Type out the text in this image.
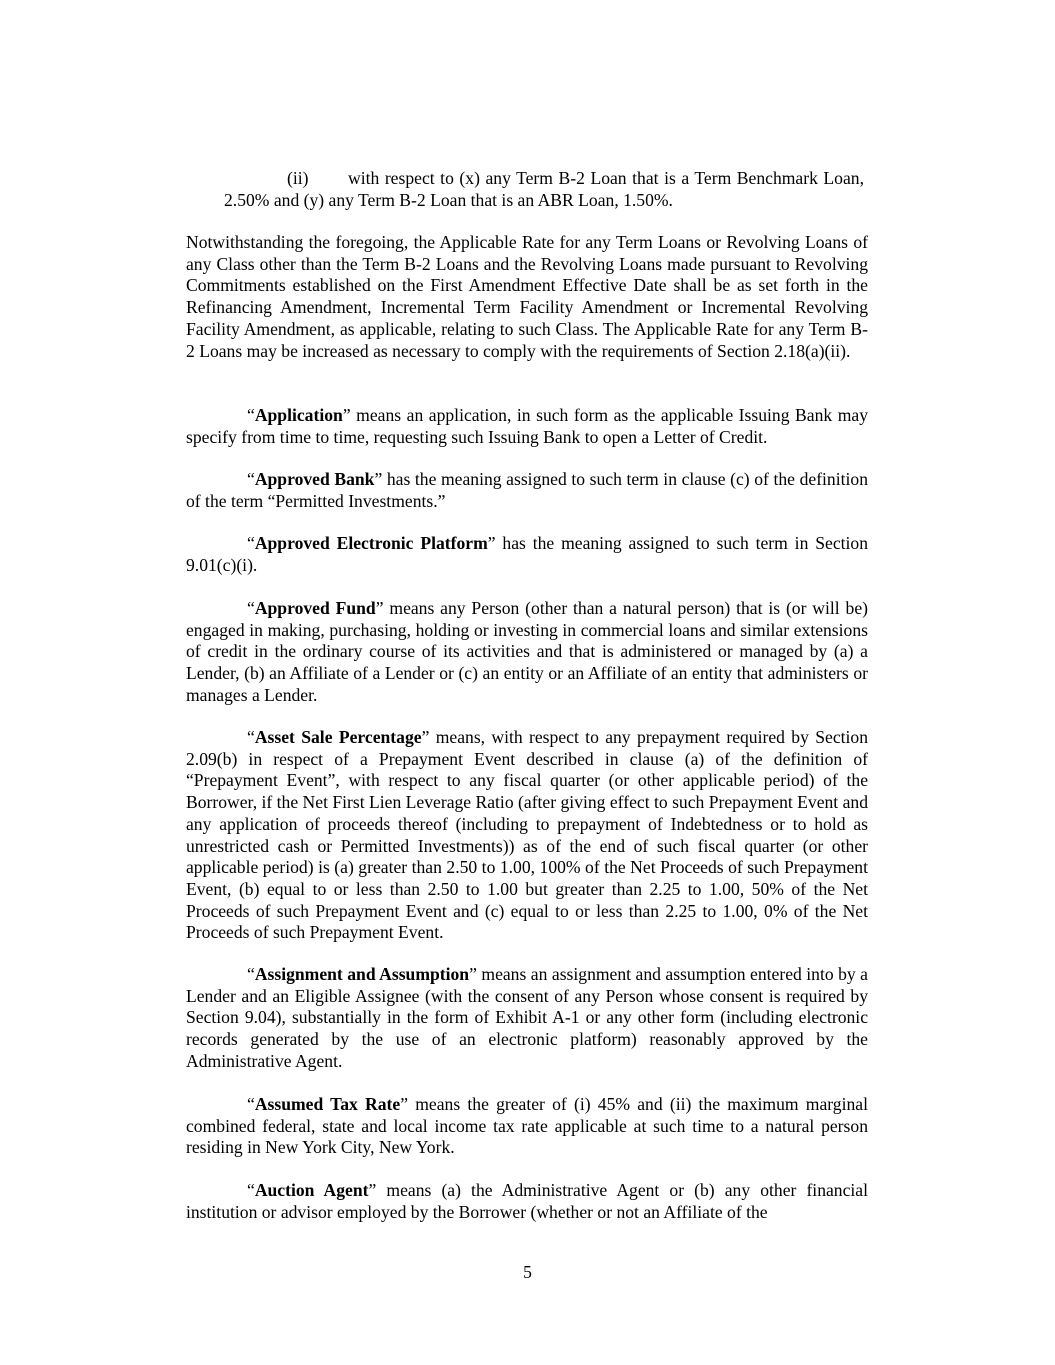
(ii)	with respect to (x) any Term B-2 Loan that is a Term Benchmark Loan, 2.50% and (y) any Term B-2 Loan that is an ABR Loan, 1.50%.

Notwithstanding the foregoing, the Applicable Rate for any Term Loans or Revolving Loans of any Class other than the Term B-2 Loans and the Revolving Loans made pursuant to Revolving Commitments established on the First Amendment Effective Date shall be as set forth in the Refinancing Amendment, Incremental Term Facility Amendment or Incremental Revolving Facility Amendment, as applicable, relating to such Class. The Applicable Rate for any Term B-2 Loans may be increased as necessary to comply with the requirements of Section 2.18(a)(ii).

“Application” means an application, in such form as the applicable Issuing Bank may specify from time to time, requesting such Issuing Bank to open a Letter of Credit.

“Approved Bank” has the meaning assigned to such term in clause (c) of the definition of the term “Permitted Investments.”

“Approved Electronic Platform” has the meaning assigned to such term in Section 9.01(c)(i).

“Approved Fund” means any Person (other than a natural person) that is (or will be) engaged in making, purchasing, holding or investing in commercial loans and similar extensions of credit in the ordinary course of its activities and that is administered or managed by (a) a Lender, (b) an Affiliate of a Lender or (c) an entity or an Affiliate of an entity that administers or manages a Lender.

“Asset Sale Percentage” means, with respect to any prepayment required by Section 2.09(b) in respect of a Prepayment Event described in clause (a) of the definition of “Prepayment Event”, with respect to any fiscal quarter (or other applicable period) of the Borrower, if the Net First Lien Leverage Ratio (after giving effect to such Prepayment Event and any application of proceeds thereof (including to prepayment of Indebtedness or to hold as unrestricted cash or Permitted Investments)) as of the end of such fiscal quarter (or other applicable period) is (a) greater than 2.50 to 1.00, 100% of the Net Proceeds of such Prepayment Event, (b) equal to or less than 2.50 to 1.00 but greater than 2.25 to 1.00, 50% of the Net Proceeds of such Prepayment Event and (c) equal to or less than 2.25 to 1.00, 0% of the Net Proceeds of such Prepayment Event.

“Assignment and Assumption” means an assignment and assumption entered into by a Lender and an Eligible Assignee (with the consent of any Person whose consent is required by Section 9.04), substantially in the form of Exhibit A-1 or any other form (including electronic records generated by the use of an electronic platform) reasonably approved by the Administrative Agent.

“Assumed Tax Rate” means the greater of (i) 45% and (ii) the maximum marginal combined federal, state and local income tax rate applicable at such time to a natural person residing in New York City, New York.

“Auction Agent” means (a) the Administrative Agent or (b) any other financial institution or advisor employed by the Borrower (whether or not an Affiliate of the

5
